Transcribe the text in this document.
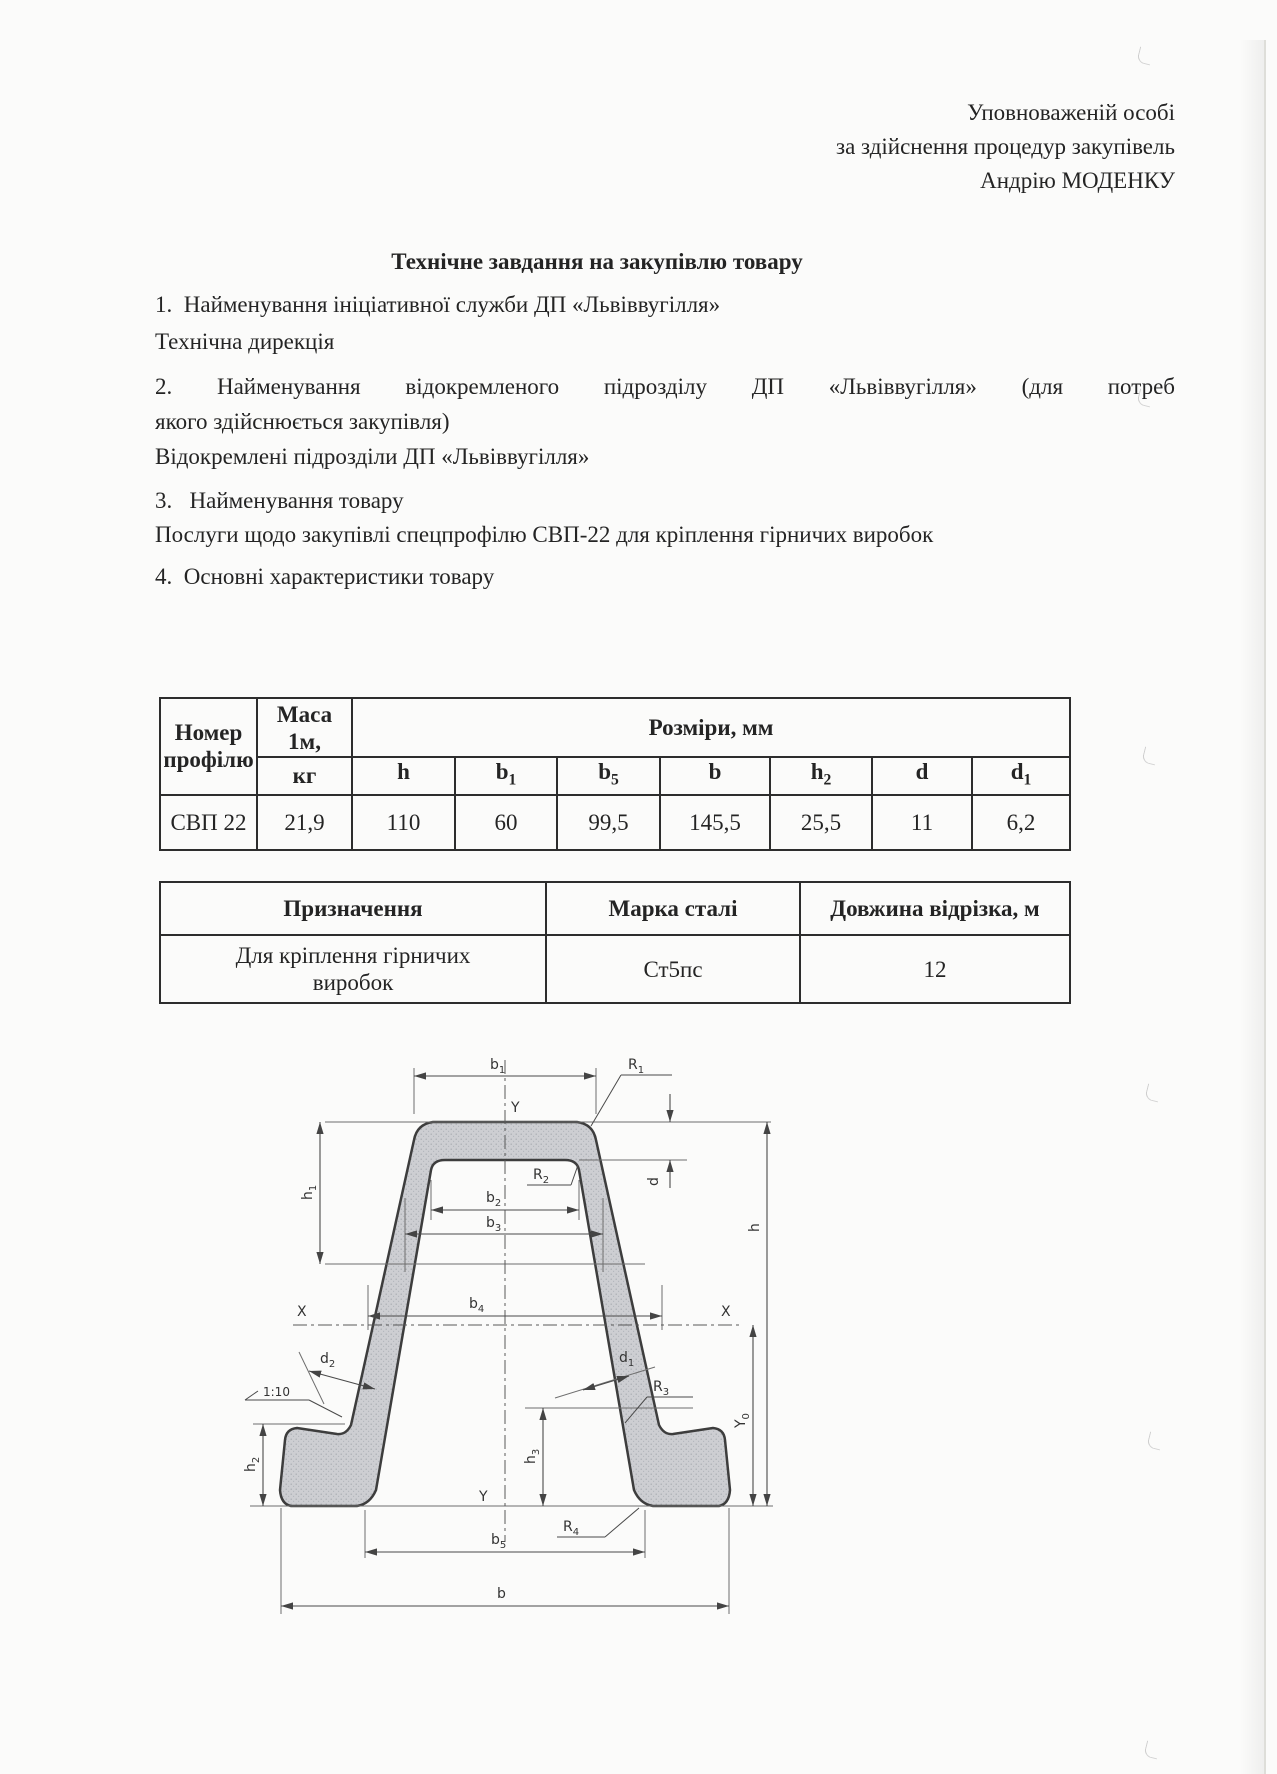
Уповноваженій особі
за здійснення процедур закупівель
Андрію МОДЕНКУ
Технічне завдання на закупівлю товару
1.  Найменування ініціативної служби ДП «Львіввугілля»
Технічна дирекція
2. Найменування відокремленого підрозділу ДП «Львіввугілля» (для потреб
якого здійснюється закупівля)
Відокремлені підрозділи ДП «Львіввугілля»
3.   Найменування товару
Послуги щодо закупівлі спецпрофілю СВП-22 для кріплення гірничих виробок
4.  Основні характеристики товару
Номер профілю	Маса 1м,	Розміри, мм						
	кг	h	$b_1$	$b_5$	b	$h_2$	d	$d_1$
СВП 22	21,9	110	60	99,5	145,5	25,5	11	6,2
Призначення	Марка сталі	Довжина відрізка, м
Для кріплення гірничих виробок	Ст5пс	12
$b_1$
$b_2$
$b_3$
$b_4$
$b_5$
b
$R_1$
$R_2$
$R_3$
$R_4$
$d_2$	$d_1$
$h_1$
$h_2$	$h_3$
h
$Y_0$
d
Y
Y
X	X
1:10
